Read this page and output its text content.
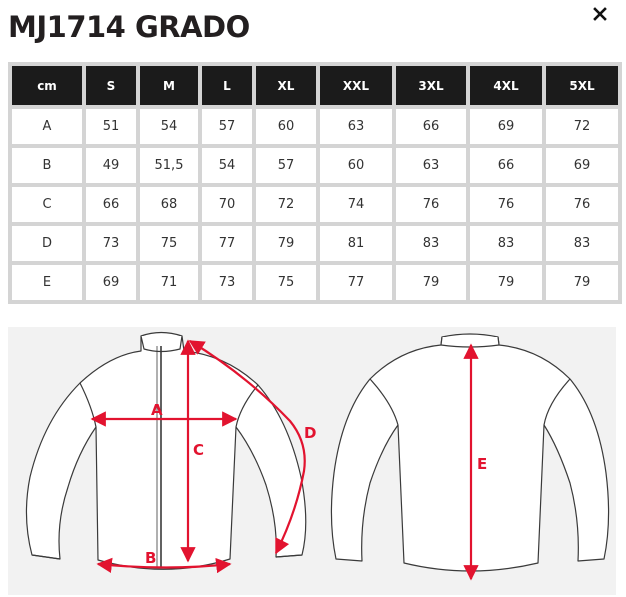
MJ1714 GRADO
cm	S	M	L	XL	XXL	3XL	4XL	5XL
A	51	54	57	60	63	66	69	72
B	49	51,5	54	57	60	63	66	69
C	66	68	70	72	74	76	76	76
D	73	75	77	79	81	83	83	83
E	69	71	73	75	77	79	79	79
A
C
D
B
E
